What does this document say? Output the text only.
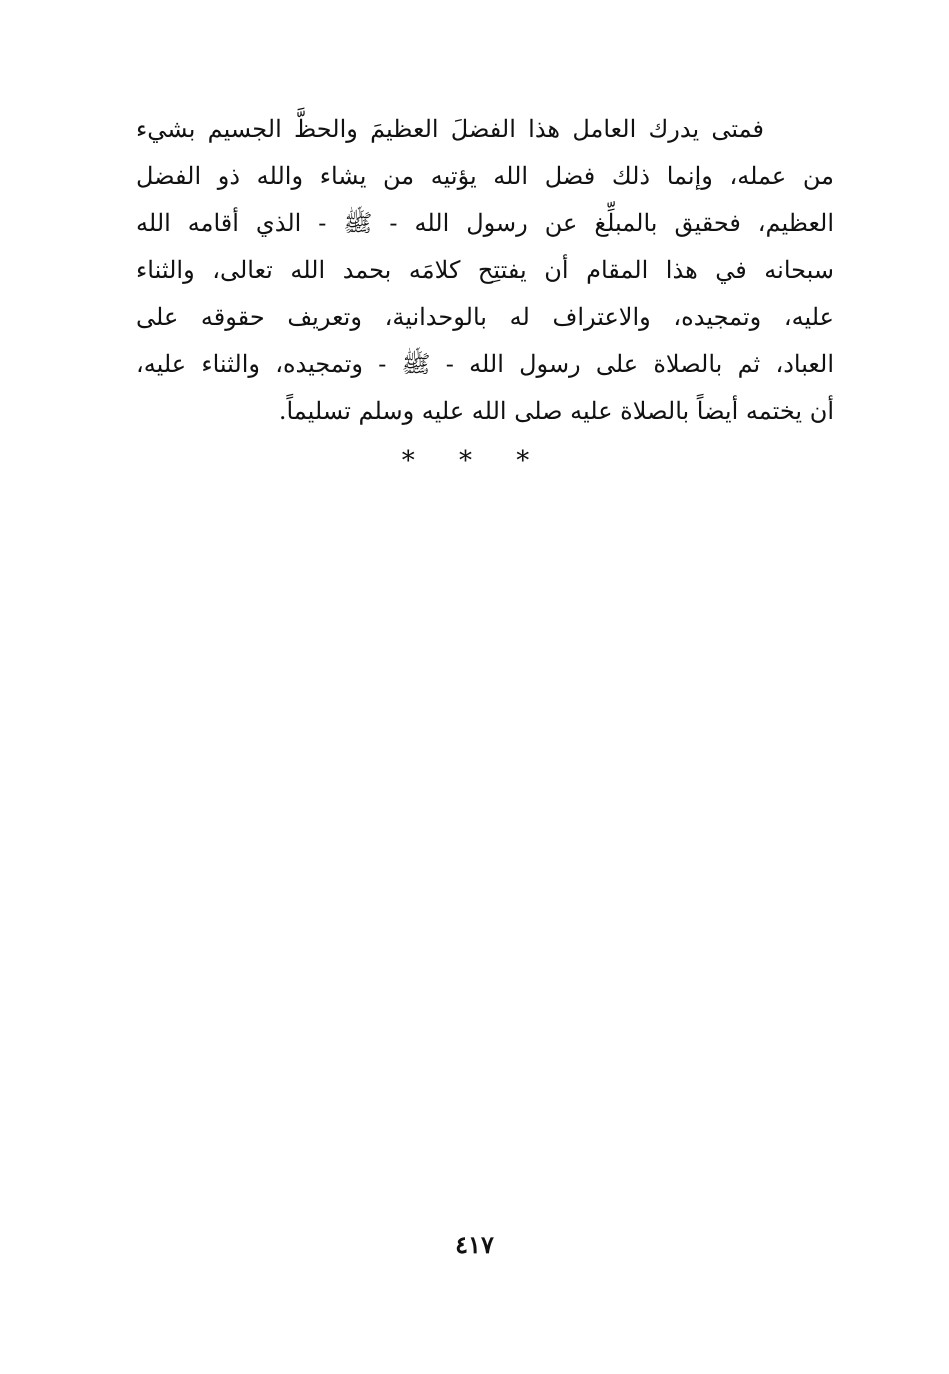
فمتى يدرك العامل هذا الفضلَ العظيمَ والحظَّ الجسيم بشيء
من عمله، وإنما ذلك فضل الله يؤتيه من يشاء والله ذو الفضل
العظيم، فحقيق بالمبلِّغ عن رسول الله - ﷺ - الذي أقامه الله
سبحانه في هذا المقام أن يفتتِح كلامَه بحمد الله تعالى، والثناء
عليه، وتمجيده، والاعتراف له بالوحدانية، وتعريف حقوقه على
العباد، ثم بالصلاة على رسول الله - ﷺ - وتمجيده، والثناء عليه،
أن يختمه أيضاً بالصلاة عليه صلى الله عليه وسلم تسليماً.
* * *
٤١٧
